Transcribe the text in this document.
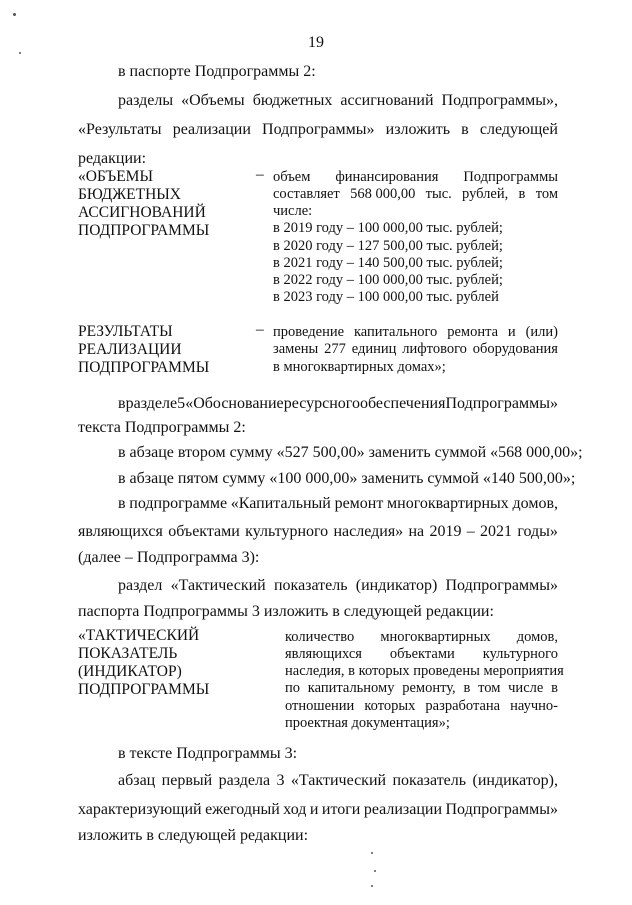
19
в паспорте Подпрограммы 2:
разделы «Объемы бюджетных ассигнований Подпрограммы»,
«Результаты реализации Подпрограммы» изложить в следующей
редакции:
«ОБЪЕМЫ
БЮДЖЕТНЫХ
АССИГНОВАНИЙ
ПОДПРОГРАММЫ
– объем финансирования Подпрограммы
составляет 568 000,00 тыс. рублей, в том
числе:
в 2019 году – 100 000,00 тыс. рублей;
в 2020 году – 127 500,00 тыс. рублей;
в 2021 году – 140 500,00 тыс. рублей;
в 2022 году – 100 000,00 тыс. рублей;
в 2023 году – 100 000,00 тыс. рублей
РЕЗУЛЬТАТЫ
РЕАЛИЗАЦИИ
ПОДПРОГРАММЫ
– проведение капитального ремонта и (или)
замены 277 единиц лифтового оборудования
в многоквартирных домах»;
в разделе 5 «Обоснование ресурсного обеспечения Подпрограммы»
текста Подпрограммы 2:
в абзаце втором сумму «527 500,00» заменить суммой «568 000,00»;
в абзаце пятом сумму «100 000,00» заменить суммой «140 500,00»;
в подпрограмме «Капитальный ремонт многоквартирных домов,
являющихся объектами культурного наследия» на 2019 – 2021 годы»
(далее – Подпрограмма 3):
раздел «Тактический показатель (индикатор) Подпрограммы»
паспорта Подпрограммы 3 изложить в следующей редакции:
«ТАКТИЧЕСКИЙ
ПОКАЗАТЕЛЬ
(ИНДИКАТОР)
ПОДПРОГРАММЫ
количество многоквартирных домов,
являющихся объектами культурного
наследия, в которых проведены мероприятия
по капитальному ремонту, в том числе в
отношении которых разработана научно-
проектная документация»;
в тексте Подпрограммы 3:
абзац первый раздела 3 «Тактический показатель (индикатор),
характеризующий ежегодный ход и итоги реализации Подпрограммы»
изложить в следующей редакции:
